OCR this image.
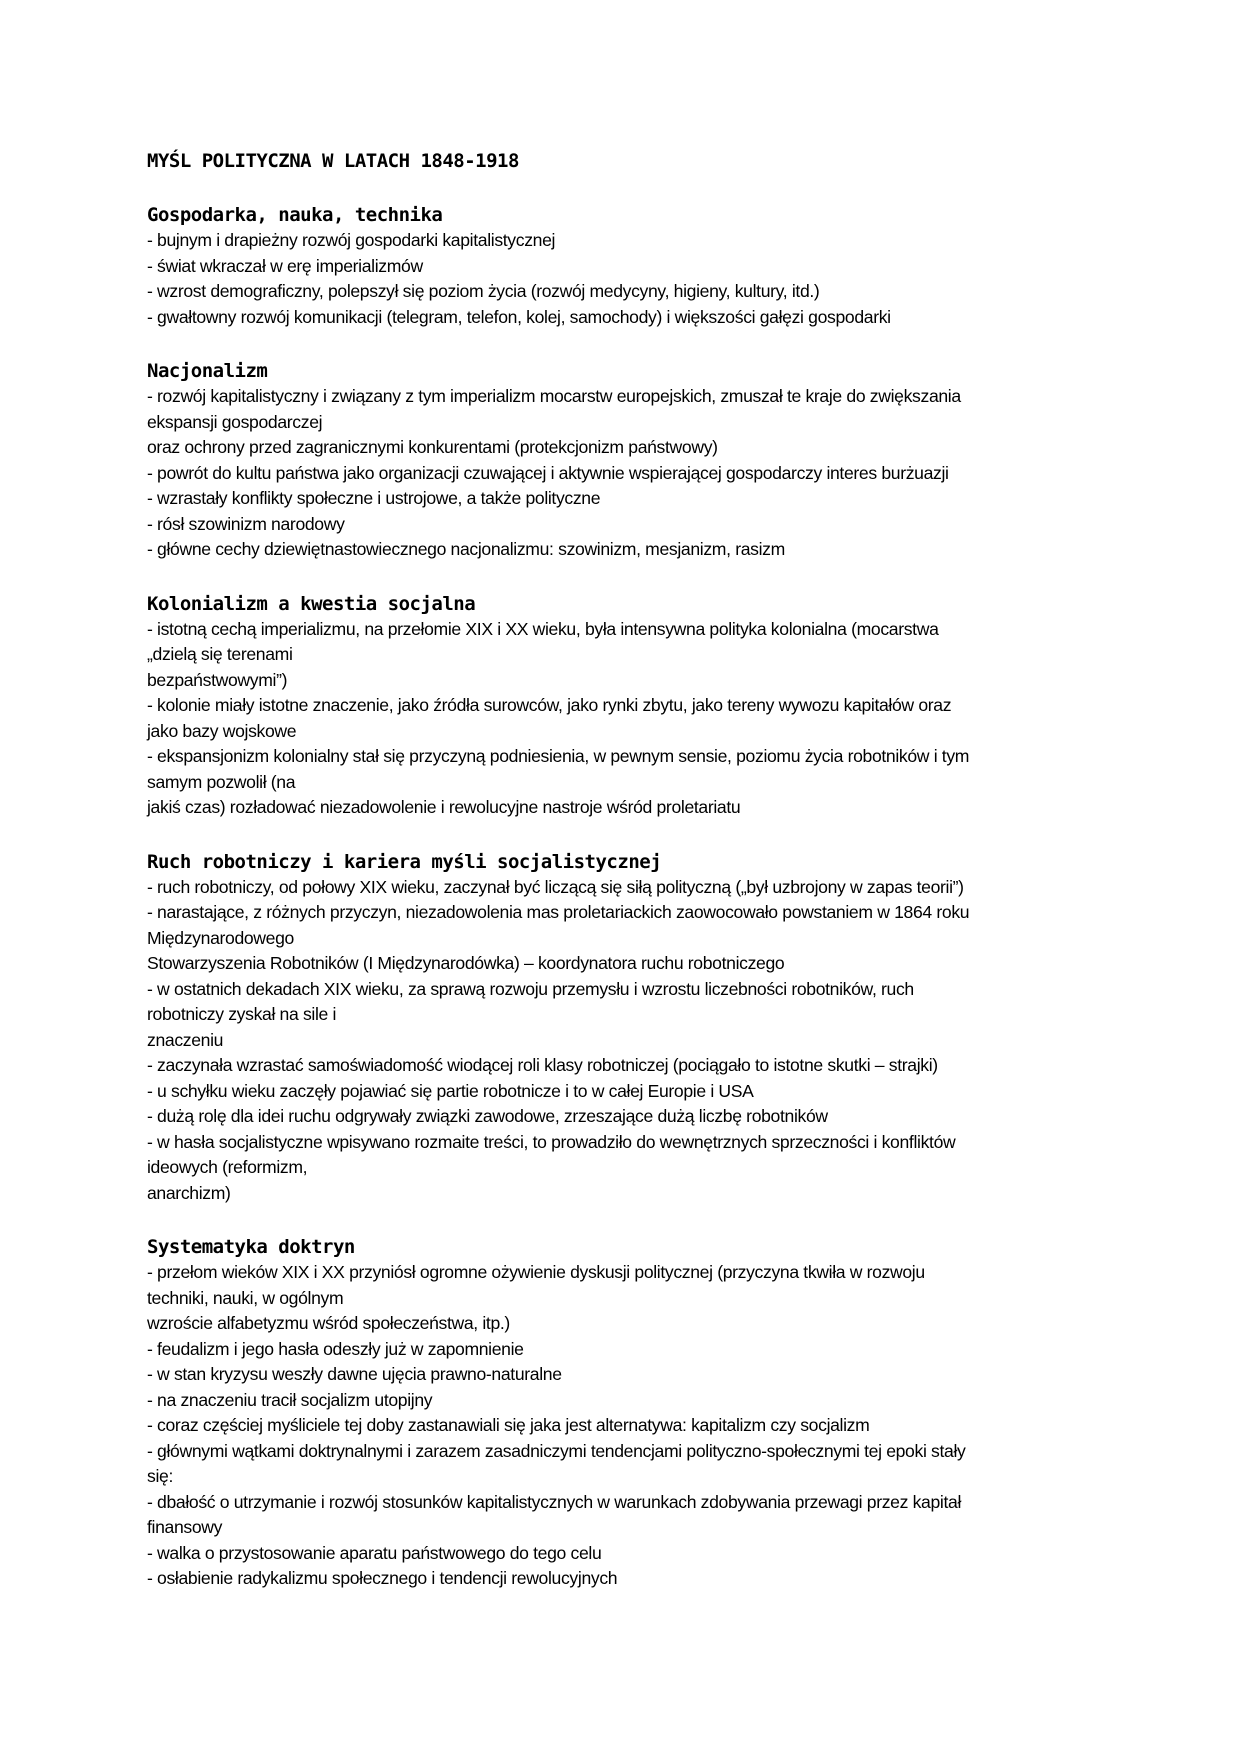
MYŚL POLITYCZNA W LATACH 1848-1918
Gospodarka, nauka, technika
- bujnym i drapieżny rozwój gospodarki kapitalistycznej
- świat wkraczał w erę imperializmów
- wzrost demograficzny, polepszył się poziom życia (rozwój medycyny, higieny, kultury, itd.)
- gwałtowny rozwój komunikacji (telegram, telefon, kolej, samochody) i większości gałęzi gospodarki
Nacjonalizm
- rozwój kapitalistyczny i związany z tym imperializm mocarstw europejskich, zmuszał te kraje do zwiększania
ekspansji gospodarczej
oraz ochrony przed zagranicznymi konkurentami (protekcjonizm państwowy)
- powrót do kultu państwa jako organizacji czuwającej i aktywnie wspierającej gospodarczy interes burżuazji
- wzrastały konflikty społeczne i ustrojowe, a także polityczne
- rósł szowinizm narodowy
- główne cechy dziewiętnastowiecznego nacjonalizmu: szowinizm, mesjanizm, rasizm
Kolonializm a kwestia socjalna
- istotną cechą imperializmu, na przełomie XIX i XX wieku, była intensywna polityka kolonialna (mocarstwa
„dzielą się terenami
bezpaństwowymi”)
- kolonie miały istotne znaczenie, jako źródła surowców, jako rynki zbytu, jako tereny wywozu kapitałów oraz
jako bazy wojskowe
- ekspansjonizm kolonialny stał się przyczyną podniesienia, w pewnym sensie, poziomu życia robotników i tym
samym pozwolił (na
jakiś czas) rozładować niezadowolenie i rewolucyjne nastroje wśród proletariatu
Ruch robotniczy i kariera myśli socjalistycznej
- ruch robotniczy, od połowy XIX wieku, zaczynał być liczącą się siłą polityczną („był uzbrojony w zapas teorii”)
- narastające, z różnych przyczyn, niezadowolenia mas proletariackich zaowocowało powstaniem w 1864 roku
Międzynarodowego
Stowarzyszenia Robotników (I Międzynarodówka) – koordynatora ruchu robotniczego
- w ostatnich dekadach XIX wieku, za sprawą rozwoju przemysłu i wzrostu liczebności robotników, ruch
robotniczy zyskał na sile i
znaczeniu
- zaczynała wzrastać samoświadomość wiodącej roli klasy robotniczej (pociągało to istotne skutki – strajki)
- u schyłku wieku zaczęły pojawiać się partie robotnicze i to w całej Europie i USA
- dużą rolę dla idei ruchu odgrywały związki zawodowe, zrzeszające dużą liczbę robotników
- w hasła socjalistyczne wpisywano rozmaite treści, to prowadziło do wewnętrznych sprzeczności i konfliktów
ideowych (reformizm,
anarchizm)
Systematyka doktryn
- przełom wieków XIX i XX przyniósł ogromne ożywienie dyskusji politycznej (przyczyna tkwiła w rozwoju
techniki, nauki, w ogólnym
wzroście alfabetyzmu wśród społeczeństwa, itp.)
- feudalizm i jego hasła odeszły już w zapomnienie
- w stan kryzysu weszły dawne ujęcia prawno-naturalne
- na znaczeniu tracił socjalizm utopijny
- coraz częściej myśliciele tej doby zastanawiali się jaka jest alternatywa: kapitalizm czy socjalizm
- głównymi wątkami doktrynalnymi i zarazem zasadniczymi tendencjami polityczno-społecznymi tej epoki stały
się:
- dbałość o utrzymanie i rozwój stosunków kapitalistycznych w warunkach zdobywania przewagi przez kapitał
finansowy
- walka o przystosowanie aparatu państwowego do tego celu
- osłabienie radykalizmu społecznego i tendencji rewolucyjnych
